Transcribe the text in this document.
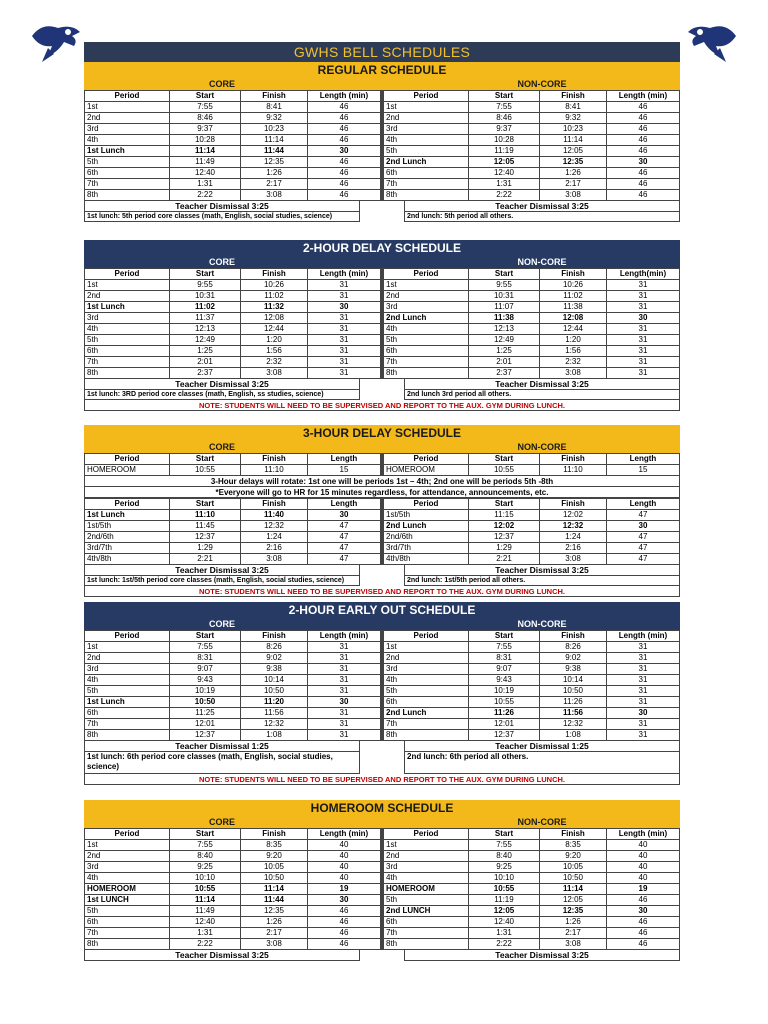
GWHS BELL SCHEDULES
REGULAR SCHEDULE
CORE	NON-CORE
Period	Start	Finish	Length (min)
1st	7:55	8:41	46
2nd	8:46	9:32	46
3rd	9:37	10:23	46
4th	10:28	11:14	46
1st Lunch	11:14	11:44	30
5th	11:49	12:35	46
6th	12:40	1:26	46
7th	1:31	2:17	46
8th	2:22	3:08	46
Period	Start	Finish	Length (min)
1st	7:55	8:41	46
2nd	8:46	9:32	46
3rd	9:37	10:23	46
4th	10:28	11:14	46
5th	11:19	12:05	46
2nd Lunch	12:05	12:35	30
6th	12:40	1:26	46
7th	1:31	2:17	46
8th	2:22	3:08	46
Teacher Dismissal 3:25	Teacher Dismissal 3:25
1st lunch: 5th period core classes (math, English, social studies, science)	2nd lunch: 5th period all others.
2-HOUR DELAY SCHEDULE
CORE	NON-CORE
Period	Start	Finish	Length (min)
1st	9:55	10:26	31
2nd	10:31	11:02	31
1st Lunch	11:02	11:32	30
3rd	11:37	12:08	31
4th	12:13	12:44	31
5th	12:49	1:20	31
6th	1:25	1:56	31
7th	2:01	2:32	31
8th	2:37	3:08	31
Period	Start	Finish	Length(min)
1st	9:55	10:26	31
2nd	10:31	11:02	31
3rd	11:07	11:38	31
2nd Lunch	11:38	12:08	30
4th	12:13	12:44	31
5th	12:49	1:20	31
6th	1:25	1:56	31
7th	2:01	2:32	31
8th	2:37	3:08	31
Teacher Dismissal 3:25	Teacher Dismissal 3:25
1st lunch: 3RD period core classes (math, English, ss studies, science)	2nd lunch 3rd period all others.
NOTE: STUDENTS WILL NEED TO BE SUPERVISED AND REPORT TO THE AUX. GYM DURING LUNCH.
3-HOUR DELAY SCHEDULE
CORE	NON-CORE
Period	Start	Finish	Length
HOMEROOM	10:55	11:10	15
Period	Start	Finish	Length
HOMEROOM	10:55	11:10	15
3-Hour delays will rotate: 1st one will be periods 1st – 4th; 2nd one will be periods 5th -8th
*Everyone will go to HR for 15 minutes regardless, for attendance, announcements, etc.
Period	Start	Finish	Length
1st Lunch	11:10	11:40	30
1st/5th	11:45	12:32	47
2nd/6th	12:37	1:24	47
3rd/7th	1:29	2:16	47
4th/8th	2:21	3:08	47
Period	Start	Finish	Length
1st/5th	11:15	12:02	47
2nd Lunch	12:02	12:32	30
2nd/6th	12:37	1:24	47
3rd/7th	1:29	2:16	47
4th/8th	2:21	3:08	47
Teacher Dismissal 3:25	Teacher Dismissal 3:25
1st lunch: 1st/5th period core classes (math, English, social studies, science)	2nd lunch: 1st/5th period all others.
NOTE: STUDENTS WILL NEED TO BE SUPERVISED AND REPORT TO THE AUX. GYM DURING LUNCH.
2-HOUR EARLY OUT SCHEDULE
CORE	NON-CORE
Period	Start	Finish	Length (min)
1st	7:55	8:26	31
2nd	8:31	9:02	31
3rd	9:07	9:38	31
4th	9:43	10:14	31
5th	10:19	10:50	31
1st Lunch	10:50	11:20	30
6th	11:25	11:56	31
7th	12:01	12:32	31
8th	12:37	1:08	31
Period	Start	Finish	Length (min)
1st	7:55	8:26	31
2nd	8:31	9:02	31
3rd	9:07	9:38	31
4th	9:43	10:14	31
5th	10:19	10:50	31
6th	10:55	11:26	31
2nd Lunch	11:26	11:56	30
7th	12:01	12:32	31
8th	12:37	1:08	31
Teacher Dismissal 1:25	Teacher Dismissal 1:25
1st lunch: 6th period core classes (math, English, social studies, science)
2nd lunch: 6th period all others.
NOTE: STUDENTS WILL NEED TO BE SUPERVISED AND REPORT TO THE AUX. GYM DURING LUNCH.
HOMEROOM SCHEDULE
CORE	NON-CORE
Period	Start	Finish	Length (min)
1st	7:55	8:35	40
2nd	8:40	9:20	40
3rd	9:25	10:05	40
4th	10:10	10:50	40
HOMEROOM	10:55	11:14	19
1st LUNCH	11:14	11:44	30
5th	11:49	12:35	46
6th	12:40	1:26	46
7th	1:31	2:17	46
8th	2:22	3:08	46
Period	Start	Finish	Length (min)
1st	7:55	8:35	40
2nd	8:40	9:20	40
3rd	9:25	10:05	40
4th	10:10	10:50	40
HOMEROOM	10:55	11:14	19
5th	11:19	12:05	46
2nd LUNCH	12:05	12:35	30
6th	12:40	1:26	46
7th	1:31	2:17	46
8th	2:22	3:08	46
Teacher Dismissal 3:25	Teacher Dismissal 3:25
